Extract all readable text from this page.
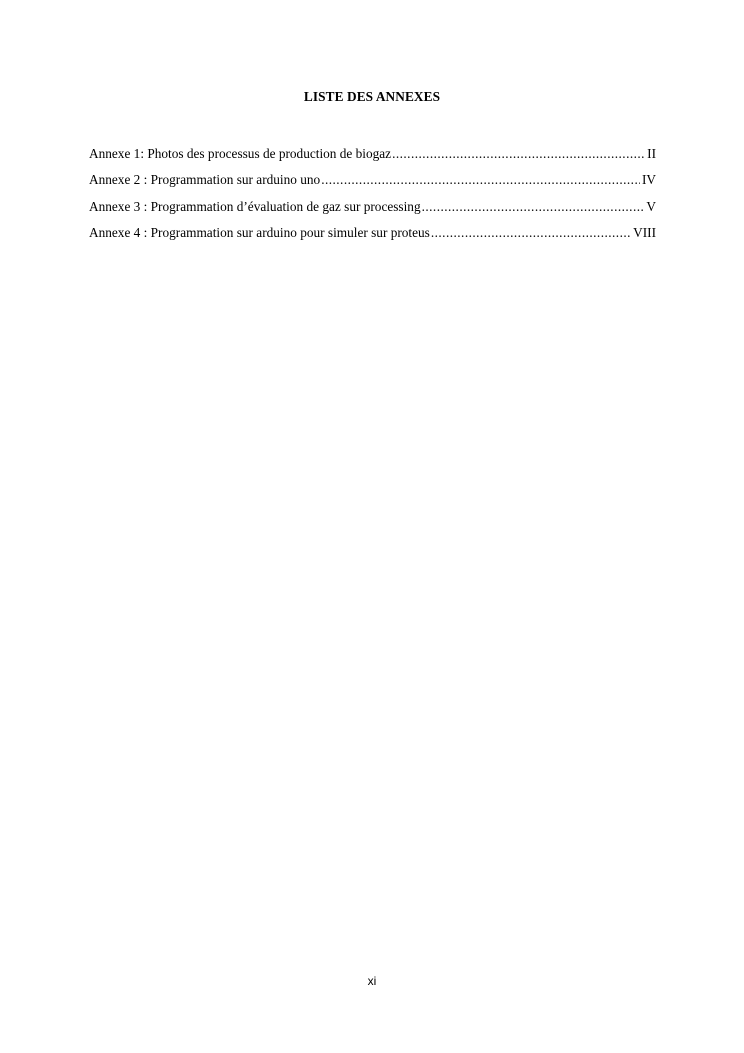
LISTE DES ANNEXES
Annexe 1: Photos des processus de production de biogaz .....	II
Annexe 2 : Programmation sur arduino uno .....	IV
Annexe 3 : Programmation d’évaluation de gaz sur processing .....	V
Annexe 4 : Programmation sur arduino pour simuler sur proteus .....	VIII
xi
